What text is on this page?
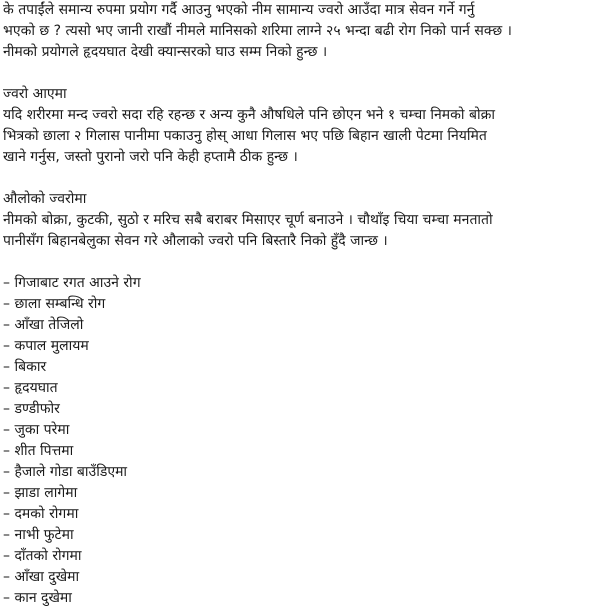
के तपाईंले समान्य रुपमा प्रयोग गर्दै आउनु भएको नीम सामान्य ज्वरो आउँदा मात्र सेवन गर्ने गर्नु
भएको छ ? त्यसो भए जानी राखौं नीमले मानिसको शरिमा लाग्ने २५ भन्दा बढी रोग निको पार्न सक्छ ।
नीमको प्रयोगले हृदयघात देखी क्यान्सरको घाउ सम्म निको हुन्छ ।

ज्वरो आएमा

यदि शरीरमा मन्द ज्वरो सदा रहि रहन्छ र अन्य कुनै औषधिले पनि छोएन भने १ चम्चा निमको बोक्रा
भित्रको छाला २ गिलास पानीमा पकाउनु होस् आधा गिलास भए पछि बिहान खाली पेटमा नियमित
खाने गर्नुस, जस्तो पुरानो जरो पनि केही हप्तामै ठीक हुन्छ ।

औलोको ज्वरोमा

नीमको बोक्रा, कुटकी, सुठो र मरिच सबै बराबर मिसाएर चूर्ण बनाउने । चौथाँइ चिया चम्चा मनतातो
पानीसँग बिहानबेलुका सेवन गरे औलाको ज्वरो पनि बिस्तारै निको हुँदै जान्छ ।

– गिजाबाट रगत आउने रोग
– छाला सम्बन्धि रोग
– आँखा तेजिलो
– कपाल मुलायम
– बिकार
– हृदयघात
– डण्डीफोर
– जुका परेमा
– शीत पित्तमा
– हैजाले गोडा बाउँडिएमा
– झाडा लागेमा
– दमको रोगमा
– नाभी फुटेमा
– दाँतको रोगमा
– आँखा दुखेमा
– कान दुखेमा
